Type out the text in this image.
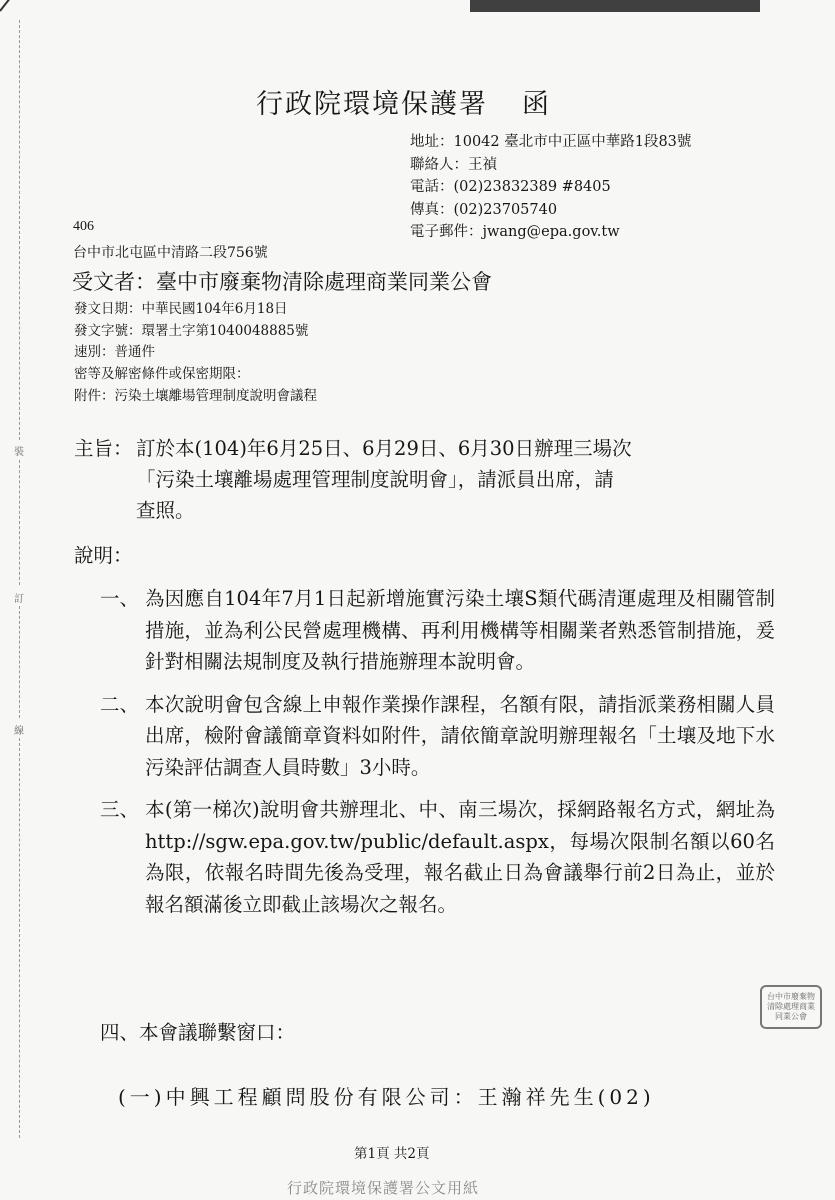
行政院環境保護署 函
地址：10042 臺北市中正區中華路1段83號
聯絡人：王禎
電話：(02)23832389 #8405
傳真：(02)23705740
電子郵件：jwang@epa.gov.tw
406
台中市北屯區中清路二段756號
受文者：臺中市廢棄物清除處理商業同業公會
發文日期：中華民國104年6月18日
發文字號：環署土字第1040048885號
速別：普通件
密等及解密條件或保密期限：
附件：污染土壤離場管理制度說明會議程
主旨： 訂於本(104)年6月25日、6月29日、6月30日辦理三場次
「污染土壤離場處理管理制度說明會」，請派員出席，請
查照。
說明：
一、 為因應自104年7月1日起新增施實污染土壤S類代碼清運處理及相關管制措施，並為利公民營處理機構、再利用機構等相關業者熟悉管制措施，爰針對相關法規制度及執行措施辦理本說明會。
二、 本次說明會包含線上申報作業操作課程，名額有限，請指派業務相關人員出席，檢附會議簡章資料如附件，請依簡章說明辦理報名「土壤及地下水污染評估調查人員時數」3小時。
三、 本(第一梯次)說明會共辦理北、中、南三場次，採網路報名方式，網址為http://sgw.epa.gov.tw/public/default.aspx，每場次限制名額以60名為限，依報名時間先後為受理，報名截止日為會議舉行前2日為止，並於報名額滿後立即截止該場次之報名。
四、本會議聯繫窗口：
(一)中興工程顧問股份有限公司：王瀚祥先生(02)
裝
訂
線
台中市廢棄物清除處理商業同業公會
第1頁 共2頁
行政院環境保護署公文用紙
